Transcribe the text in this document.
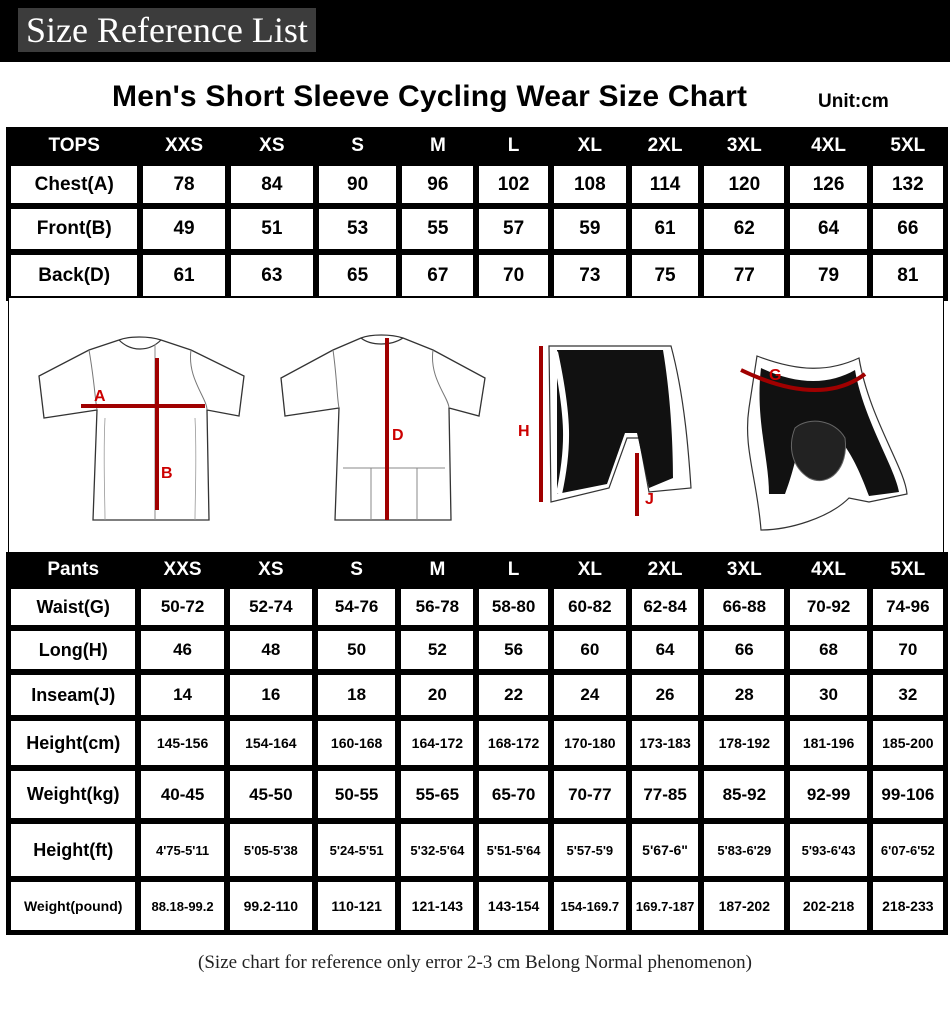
Size Reference List
Men's Short Sleeve Cycling Wear Size Chart	Unit:cm
TOPS	XXS	XS	S	M	L	XL	2XL	3XL	4XL	5XL
Chest(A)	78	84	90	96	102	108	114	120	126	132
Front(B)	49	51	53	55	57	59	61	62	64	66
Back(D)	61	63	65	67	70	73	75	77	79	81
A
B
D	H
J
G
Pants	XXS	XS	S	M	L	XL	2XL	3XL	4XL	5XL
Waist(G)	50-72	52-74	54-76	56-78	58-80	60-82	62-84	66-88	70-92	74-96
Long(H)	46	48	50	52	56	60	64	66	68	70
Inseam(J)	14	16	18	20	22	24	26	28	30	32
Height(cm)	145-156	154-164	160-168	164-172	168-172	170-180	173-183	178-192	181-196	185-200
Weight(kg)	40-45	45-50	50-55	55-65	65-70	70-77	77-85	85-92	92-99	99-106
Height(ft)	4'75-5'11	5'05-5'38	5'24-5'51	5'32-5'64	5'51-5'64	5'57-5'9	5'67-6"	5'83-6'29	5'93-6'43	6'07-6'52
Weight(pound)	88.18-99.2	99.2-110	110-121	121-143	143-154	154-169.7	169.7-187	187-202	202-218	218-233
(Size chart for reference only error 2-3 cm Belong Normal phenomenon)
